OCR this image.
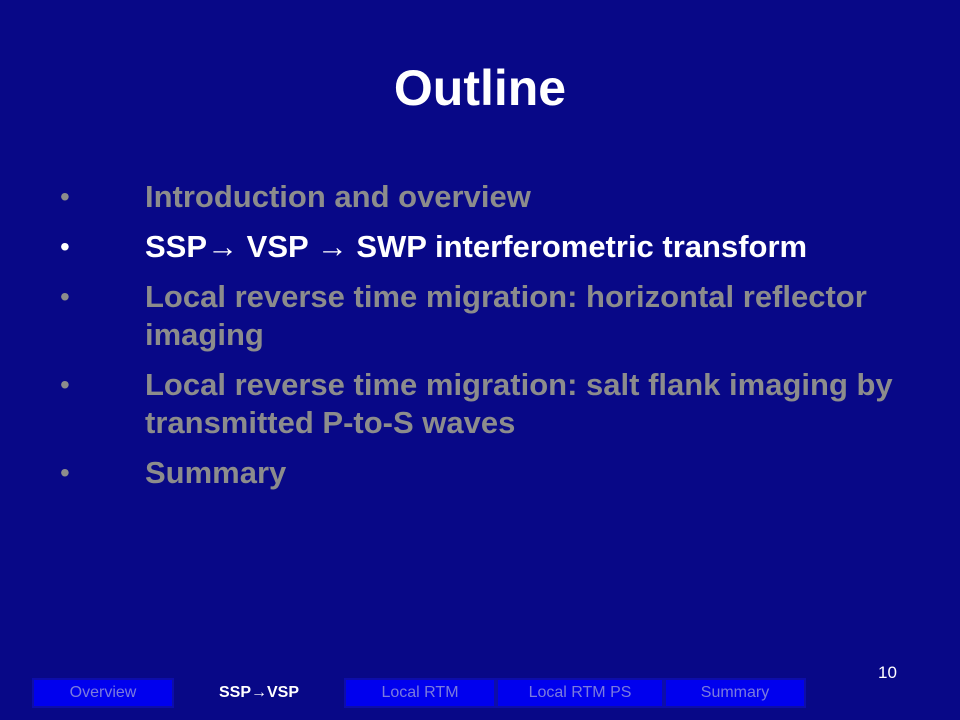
Outline
•	Introduction and overview
•	SSP→ VSP → SWP interferometric transform
•	Local reverse time migration: horizontal reflector imaging
•	Local reverse time migration: salt flank imaging by transmitted P-to-S waves
•	Summary
10
Overview	SSP→VSP	Local RTM	Local RTM PS	Summary
